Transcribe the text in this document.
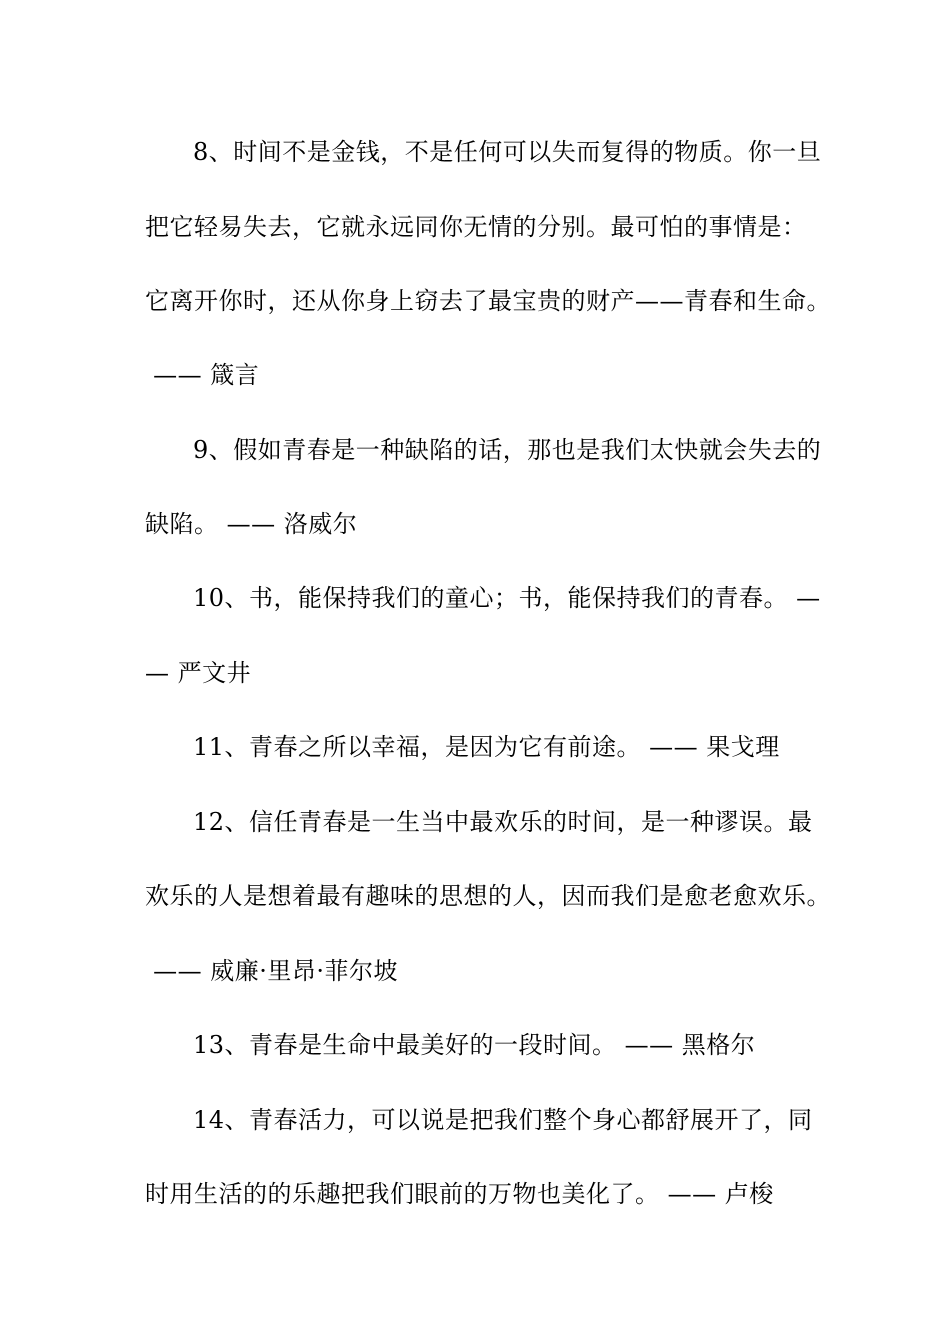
8、时间不是金钱，不是任何可以失而复得的物质。你一旦
把它轻易失去，它就永远同你无情的分别。最可怕的事情是：
它离开你时，还从你身上窃去了最宝贵的财产——青春和生命。
—— 箴言
9、假如青春是一种缺陷的话，那也是我们太快就会失去的
缺陷。 —— 洛威尔
10、书，能保持我们的童心；书，能保持我们的青春。 —
— 严文井
11、青春之所以幸福，是因为它有前途。 —— 果戈理
12、信任青春是一生当中最欢乐的时间，是一种谬误。最
欢乐的人是想着最有趣味的思想的人，因而我们是愈老愈欢乐。
—— 威廉·里昂·菲尔坡
13、青春是生命中最美好的一段时间。 —— 黑格尔
14、青春活力，可以说是把我们整个身心都舒展开了，同
时用生活的的乐趣把我们眼前的万物也美化了。 —— 卢梭
